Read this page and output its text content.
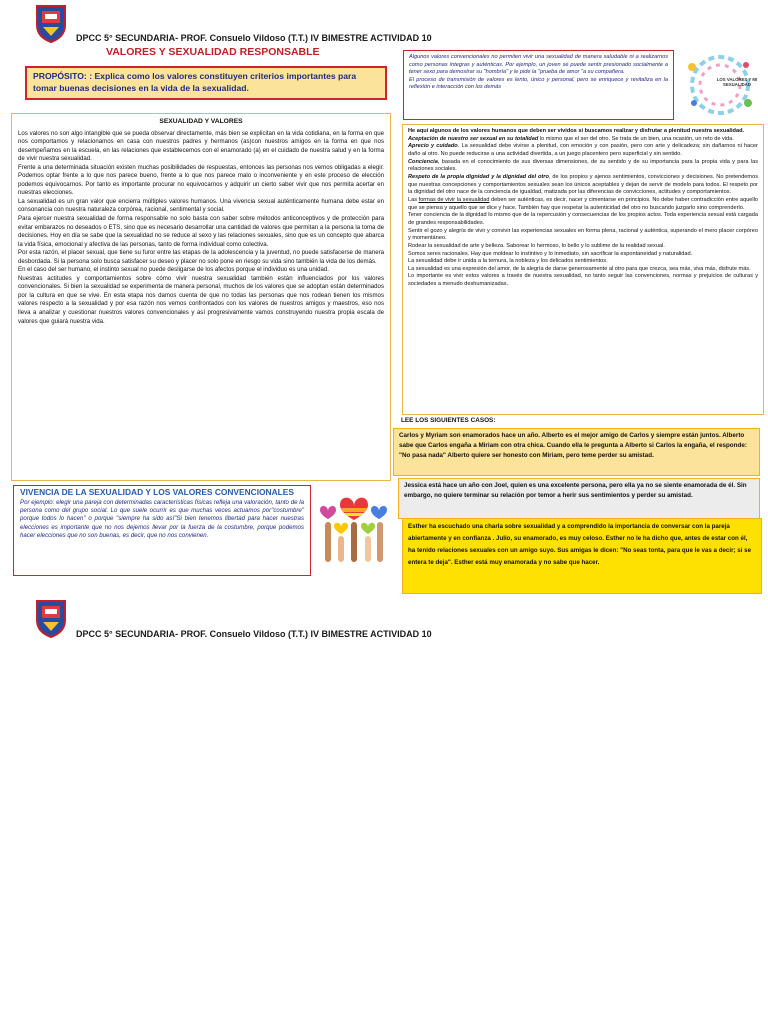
DPCC 5° SECUNDARIA- PROF. Consuelo Vildoso (T.T.) IV BIMESTRE ACTIVIDAD 10
VALORES Y SEXUALIDAD RESPONSABLE
PROPÓSITO: : Explica como los valores constituyen criterios importantes para tomar buenas decisiones en la vida de la sexualidad.
SEXUALIDAD Y VALORES

Los valores no son algo intangible que se pueda observar directamente, más bien se explicitan en la vida cotidiana, en la forma en que nos comportamos y relacionamos en casa con nuestros padres y hermanos (as)con nuestros amigos en la forma en que nos desempeñamos en la escuela, en las relaciones que establecemos con el enamorado (a) en el cuidado de nuestra salud y en la forma de vivir nuestra sexualidad.

Frente a una determinada situación existen muchas posibilidades de respuestas, entonces las personas nos vemos obligadas a elegir. Podemos optar frente a lo que nos parece bueno, frente a lo que nos parece malo o inconveniente y en este proceso de elección podemos equivocarnos. Por tanto es importante procurar no equivocarnos y adquirir un cierto saber vivir que nos permita acertar en nuestras elecciones.

La sexualidad es un gran valor que encierra múltiples valores humanos. Una vivencia sexual auténticamente humana debe estar en consonancia con nuestra naturaleza corpórea, racional, sentimental y social.

Para ejercer nuestra sexualidad de forma responsable no solo basta con saber sobre métodos anticonceptivos y de protección para evitar embarazos no deseados o ETS, sino que es necesario desarrollar una cantidad de valores que permitan a la persona la toma de decisiones. Hoy en día se sabe que la sexualidad no se reduce al sexo y las relaciones sexuales, sino que es un concepto que abarca la vida física, emocional y afectiva de las personas, tanto de forma individual como colectiva.

Por esta razón, el placer sexual, que tiene su furor entre las etapas de la adolescencia y la juventud, no puede satisfacerse de manera desbordada. Si la persona solo busca satisfacer su deseo y placer no solo pone en riesgo su vida sino también la vida de los demás.

En el caso del ser humano, el instinto sexual no puede desligarse de los afectos porque el individuo es una unidad.

Nuestras actitudes y comportamientos sobre cómo vivir nuestra sexualidad también están influenciados por los valores convencionales. Si bien la sexualidad se experimenta de manera personal, muchos de los valores que se adoptan están determinados por la cultura en que se vive. En esta etapa nos damos cuenta de que no todas las personas que nos rodean tienen los mismos valores respecto a la sexualidad y por esa razón nos vemos confrontados con los valores de nuestros amigos y maestros, eso nos lleva a analizar y cuestionar nuestros valores convencionales y así progresivamente vamos construyendo nuestra propia escala de valores que guiará nuestra vida.

VIVENCIA DE LA SEXUALIDAD Y LOS VALORES CONVENCIONALES

Por ejemplo: elegir una pareja con determinadas características físicas refleja una valoración, tanto de la persona como del grupo social. Lo que suele ocurrir es que muchas veces actuamos por"costumbre" porque todos lo hacen" o porque "siempre ha sido así"Si bien tenemos libertad para hacer nuestras elecciones es importante que no nos dejemos llevar por la fuerza de la costumbre, porque podemos hacer elecciones que no son buenas, es decir, que no nos convienen.

Algunos valores convencionales no permiten vivir una sexualidad de manera saludable ni a realizarnos como personas íntegras y auténticas. Por ejemplo, un joven se puede sentir presionado socialmente a tener sexo para demostrar su "hombría" y le pide la "prueba de amor "a su compañera.

El proceso de transmisión de valores es lento, único y personal, pero se enriquece y revitaliza en la reflexión e interacción con los demás

LOS VALORES Y MI SEXUALIDAD

He aquí algunos de los valores humanos que deben ser vividos si buscamos realizar y disfrutar a plenitud nuestra sexualidad.

Aceptación de nuestro ser sexual en su totalidad lo mismo que el ser del otro. Se trata de un bien, una ocasión, un reto de vida.

Aprecio y cuidado. La sexualidad debe vivirse a plenitud, con emoción y con pasión, pero con arte y delicadeza; sin dañarnos ni hacer daño al otro. No puede reducirse a una actividad divertida, a un juego placentero pero superficial y sin sentido.

Conciencia, basada en el conocimiento de sus diversas dimensiones, de su sentido y de su importancia para la propia vida y para las relaciones sociales.

Respeto de la propia dignidad y la dignidad del otro, de los propios y ajenos sentimientos, convicciones y decisiones. No pretendemos que nuestras concepciones y comportamientos sexuales sean los únicos aceptables y dejan de servir de modelo para todos. El respeto por la dignidad del otro nace de la conciencia de igualdad, matizada por las diferencias de convicciones, actitudes y comportamientos.

Las formas de vivir la sexualidad deben ser auténticas, es decir, nacer y cimentarse en principios. No debe haber contradicción entre aquello que se piensa y aquello que se dice y hace. También hay que respetar la autenticidad del otro no buscando juzgarlo sino comprenderlo.

Tener conciencia de la dignidad lo mismo que de la repercusión y consecuencias de los propios actos. Toda experiencia sexual está cargada de grandes responsabilidades.

Sentir el gozo y alegría de vivir y convivir las experiencias sexuales en forma plena, racional y auténtica, superando el mero placer corpóreo y momentáneo.

Rodear la sexualidad de arte y belleza. Saborear lo hermoso, lo bello y lo sublime de la realidad sexual.

Somos seres racionales. Hay que moldear lo instintivo y lo inmediato, sin sacrificar la espontaneidad y naturalidad.

La sexualidad debe ir unida a la ternura, la nobleza y los delicados sentimientos.

La sexualidad es una expresión del amor, de la alegría de darse generosamente al otro para que crezca, sea más, viva más, disfrute más.

Lo importante es vivir estos valores a través de nuestra sexualidad, no tanto seguir las convenciones, normas y prejuicios de culturas y sociedades a menudo deshumanizadas.

LEE LOS SIGUIENTES CASOS:
Carlos y Myriam son enamorados hace un año. Alberto es el mejor amigo de Carlos y siempre están juntos. Alberto sabe que Carlos engaña a Miriam con otra chica. Cuando ella le pregunta a Alberto si Carlos la engaña, el responde: "No pasa nada" Alberto quiere ser honesto con Miriam, pero teme perder su amistad.
Jessica está hace un año con Joel, quien es una excelente persona, pero ella ya no se siente enamorada de él. Sin embargo, no quiere terminar su relación por temor a herir sus sentimientos y perder su amistad.
Esther ha escuchado una charla sobre sexualidad y a comprendido la importancia de conversar con la pareja abiertamente y en confianza . Julio, su enamorado, es muy celoso. Esther no le ha dicho que, antes de estar con él, ha tenido relaciones sexuales con un amigo suyo. Sus amigas le dicen: "No seas tonta, para que le vas a decir; si se entera te deja". Esther está muy enamorada y no sabe que hacer.
DPCC 5° SECUNDARIA- PROF. Consuelo Vildoso (T.T.) IV BIMESTRE ACTIVIDAD 10
